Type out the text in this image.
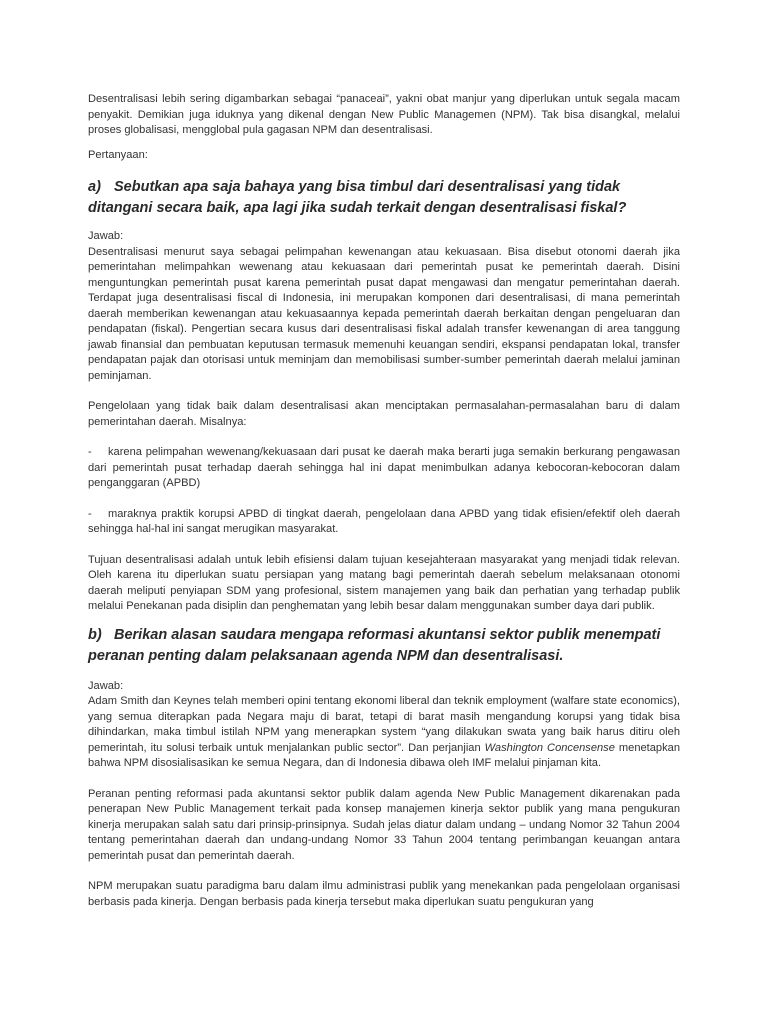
Desentralisasi lebih sering digambarkan sebagai “panaceai”, yakni obat manjur yang diperlukan untuk segala macam penyakit. Demikian juga iduknya yang dikenal dengan New Public Managemen (NPM). Tak bisa disangkal, melalui proses globalisasi, mengglobal pula gagasan NPM dan desentralisasi.

Pertanyaan:

a) Sebutkan apa saja bahaya yang bisa timbul dari desentralisasi yang tidak ditangani secara baik, apa lagi jika sudah terkait dengan desentralisasi fiskal?

Jawab:

Desentralisasi menurut saya sebagai pelimpahan kewenangan atau kekuasaan. Bisa disebut otonomi daerah jika pemerintahan melimpahkan wewenang atau kekuasaan dari pemerintah pusat ke pemerintah daerah. Disini menguntungkan pemerintah pusat karena pemerintah pusat dapat mengawasi dan mengatur pemerintahan daerah. Terdapat juga desentralisasi fiscal di Indonesia, ini merupakan komponen dari desentralisasi, di mana pemerintah daerah memberikan kewenangan atau kekuasaannya kepada pemerintah daerah berkaitan dengan pengeluaran dan pendapatan (fiskal). Pengertian secara kusus dari desentralisasi fiskal adalah transfer kewenangan di area tanggung jawab finansial dan pembuatan keputusan termasuk memenuhi keuangan sendiri, ekspansi pendapatan lokal, transfer pendapatan pajak dan otorisasi untuk meminjam dan memobilisasi sumber-sumber pemerintah daerah melalui jaminan peminjaman.

Pengelolaan yang tidak baik dalam desentralisasi akan menciptakan permasalahan-permasalahan baru di dalam pemerintahan daerah. Misalnya:

- karena pelimpahan wewenang/kekuasaan dari pusat ke daerah maka berarti juga semakin berkurang pengawasan dari pemerintah pusat terhadap daerah sehingga hal ini dapat menimbulkan adanya kebocoran-kebocoran dalam penganggaran (APBD)

- maraknya praktik korupsi APBD di tingkat daerah, pengelolaan dana APBD yang tidak efisien/efektif oleh daerah sehingga hal-hal ini sangat merugikan masyarakat.

Tujuan desentralisasi adalah untuk lebih efisiensi dalam tujuan kesejahteraan masyarakat yang menjadi tidak relevan. Oleh karena itu diperlukan suatu persiapan yang matang bagi pemerintah daerah sebelum melaksanaan otonomi daerah meliputi penyiapan SDM yang profesional, sistem manajemen yang baik dan perhatian yang terhadap publik melalui Penekanan pada disiplin dan penghematan yang lebih besar dalam menggunakan sumber daya dari publik.

b) Berikan alasan saudara mengapa reformasi akuntansi sektor publik menempati peranan penting dalam pelaksanaan agenda NPM dan desentralisasi.

Jawab:

Adam Smith dan Keynes telah memberi opini tentang ekonomi liberal dan teknik employment (walfare state economics), yang semua diterapkan pada Negara maju di barat, tetapi di barat masih mengandung korupsi yang tidak bisa dihindarkan, maka timbul istilah NPM yang menerapkan system “yang dilakukan swata yang baik harus ditiru oleh pemerintah, itu solusi terbaik untuk menjalankan public sector”. Dan perjanjian Washington Concensense menetapkan bahwa NPM disosialisasikan ke semua Negara, dan di Indonesia dibawa oleh IMF melalui pinjaman kita.

Peranan penting reformasi pada akuntansi sektor publik dalam agenda New Public Management dikarenakan pada penerapan New Public Management terkait pada konsep manajemen kinerja sektor publik yang mana pengukuran kinerja merupakan salah satu dari prinsip-prinsipnya. Sudah jelas diatur dalam undang – undang Nomor 32 Tahun 2004 tentang pemerintahan daerah dan undang-undang Nomor 33 Tahun 2004 tentang perimbangan keuangan antara pemerintah pusat dan pemerintah daerah.

NPM merupakan suatu paradigma baru dalam ilmu administrasi publik yang menekankan pada pengelolaan organisasi berbasis pada kinerja. Dengan berbasis pada kinerja tersebut maka diperlukan suatu pengukuran yang
